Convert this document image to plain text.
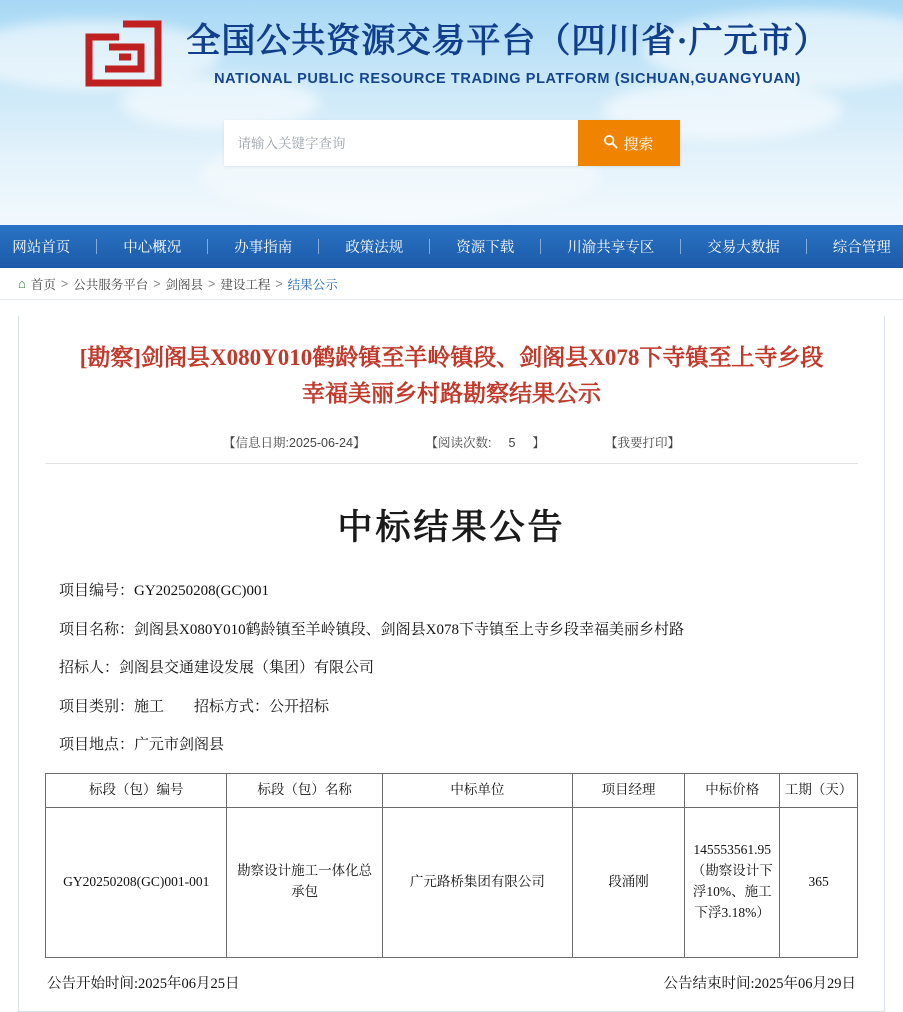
全国公共资源交易平台（四川省·广元市）
NATIONAL PUBLIC RESOURCE TRADING PLATFORM (SICHUAN,GUANGYUAN)
请输入关键字查询
搜索
网站首页	中心概况	办事指南	政策法规	资源下载	川渝共享专区	交易大数据	综合管理
⌂ 首页 > 公共服务平台 > 剑阁县 > 建设工程 > 结果公示
[勘察]剑阁县X080Y010鹤龄镇至羊岭镇段、剑阁县X078下寺镇至上寺乡段幸福美丽乡村路勘察结果公示
【信息日期:2025-06-24】	【阅读次数: 5 】	【我要打印】
中标结果公告
项目编号：GY20250208(GC)001
项目名称：剑阁县X080Y010鹤龄镇至羊岭镇段、剑阁县X078下寺镇至上寺乡段幸福美丽乡村路
招标人：剑阁县交通建设发展（集团）有限公司
项目类别：施工 招标方式：公开招标
项目地点：广元市剑阁县
标段（包）编号	标段（包）名称	中标单位	项目经理	中标价格	工期（天）
GY20250208(GC)001-001	勘察设计施工一体化总承包	广元路桥集团有限公司	段涌刚	145553561.95（勘察设计下浮10%、施工下浮3.18%）	365
公告开始时间:2025年06月25日	公告结束时间:2025年06月29日
